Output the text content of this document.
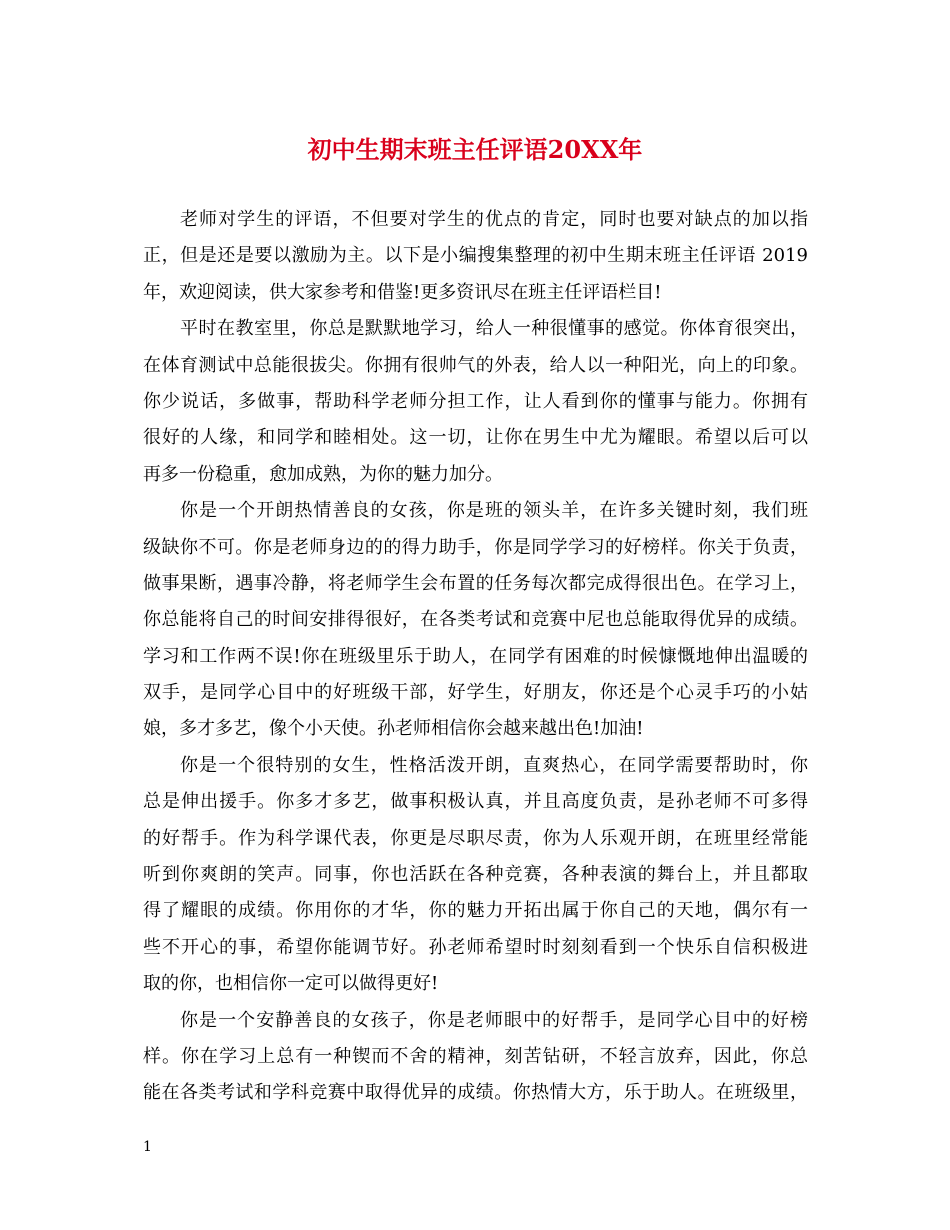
初中生期末班主任评语20XX年
老师对学生的评语，不但要对学生的优点的肯定，同时也要对缺点的加以指
正，但是还是要以激励为主。以下是小编搜集整理的初中生期末班主任评语 2019
年，欢迎阅读，供大家参考和借鉴!更多资讯尽在班主任评语栏目!
平时在教室里，你总是默默地学习，给人一种很懂事的感觉。你体育很突出，
在体育测试中总能很拔尖。你拥有很帅气的外表，给人以一种阳光，向上的印象。
你少说话，多做事，帮助科学老师分担工作，让人看到你的懂事与能力。你拥有
很好的人缘，和同学和睦相处。这一切，让你在男生中尤为耀眼。希望以后可以
再多一份稳重，愈加成熟，为你的魅力加分。
你是一个开朗热情善良的女孩，你是班的领头羊，在许多关键时刻，我们班
级缺你不可。你是老师身边的的得力助手，你是同学学习的好榜样。你关于负责，
做事果断，遇事冷静，将老师学生会布置的任务每次都完成得很出色。在学习上，
你总能将自己的时间安排得很好，在各类考试和竞赛中尼也总能取得优异的成绩。
学习和工作两不误!你在班级里乐于助人，在同学有困难的时候慷慨地伸出温暖的
双手，是同学心目中的好班级干部，好学生，好朋友，你还是个心灵手巧的小姑
娘，多才多艺，像个小天使。孙老师相信你会越来越出色!加油!
你是一个很特别的女生，性格活泼开朗，直爽热心，在同学需要帮助时，你
总是伸出援手。你多才多艺，做事积极认真，并且高度负责，是孙老师不可多得
的好帮手。作为科学课代表，你更是尽职尽责，你为人乐观开朗，在班里经常能
听到你爽朗的笑声。同事，你也活跃在各种竞赛，各种表演的舞台上，并且都取
得了耀眼的成绩。你用你的才华，你的魅力开拓出属于你自己的天地，偶尔有一
些不开心的事，希望你能调节好。孙老师希望时时刻刻看到一个快乐自信积极进
取的你，也相信你一定可以做得更好!
你是一个安静善良的女孩子，你是老师眼中的好帮手，是同学心目中的好榜
样。你在学习上总有一种锲而不舍的精神，刻苦钻研，不轻言放弃，因此，你总
能在各类考试和学科竞赛中取得优异的成绩。你热情大方，乐于助人。在班级里，
1
